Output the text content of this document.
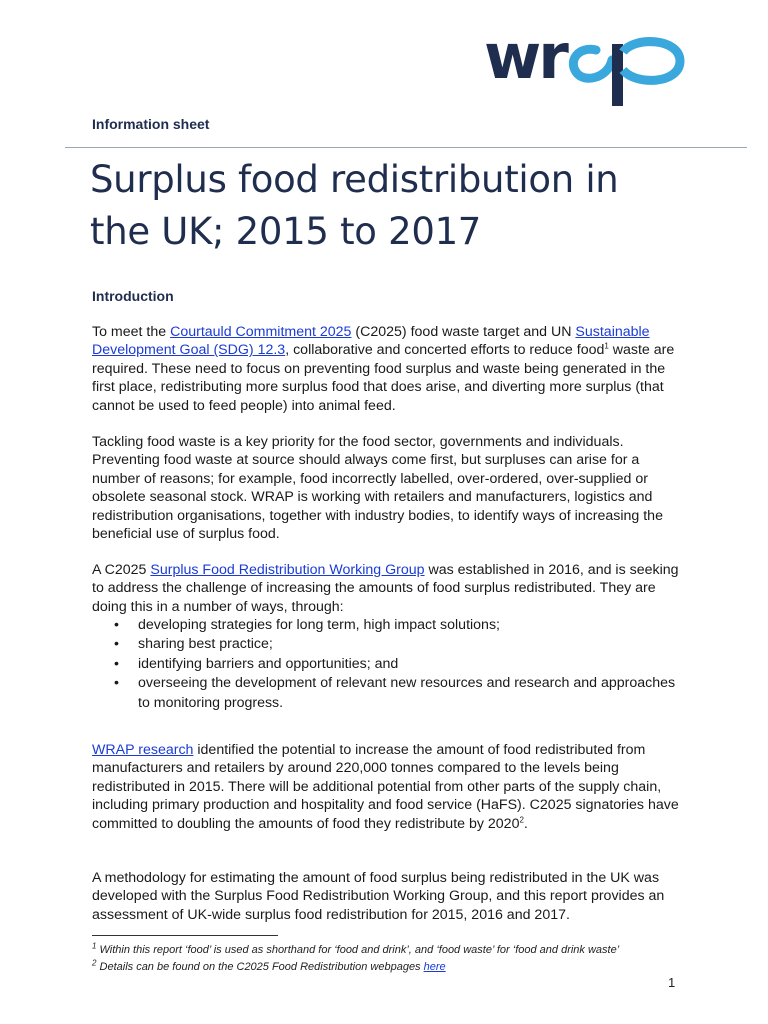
wr
Information sheet
Surplus food redistribution in
the UK; 2015 to 2017
Introduction

To meet the Courtauld Commitment 2025 (C2025) food waste target and UN Sustainable Development Goal (SDG) 12.3, collaborative and concerted efforts to reduce food$^1$ waste are required. These need to focus on preventing food surplus and waste being generated in the first place, redistributing more surplus food that does arise, and diverting more surplus (that cannot be used to feed people) into animal feed.

Tackling food waste is a key priority for the food sector, governments and individuals. Preventing food waste at source should always come first, but surpluses can arise for a number of reasons; for example, food incorrectly labelled, over-ordered, over-supplied or obsolete seasonal stock. WRAP is working with retailers and manufacturers, logistics and redistribution organisations, together with industry bodies, to identify ways of increasing the beneficial use of surplus food.

A C2025 Surplus Food Redistribution Working Group was established in 2016, and is seeking to address the challenge of increasing the amounts of food surplus redistributed. They are doing this in a number of ways, through:

• developing strategies for long term, high impact solutions;
• sharing best practice;
• identifying barriers and opportunities; and
• overseeing the development of relevant new resources and research and approaches to monitoring progress.

WRAP research identified the potential to increase the amount of food redistributed from manufacturers and retailers by around 220,000 tonnes compared to the levels being redistributed in 2015. There will be additional potential from other parts of the supply chain, including primary production and hospitality and food service (HaFS). C2025 signatories have committed to doubling the amounts of food they redistribute by 2020$^2$.

A methodology for estimating the amount of food surplus being redistributed in the UK was developed with the Surplus Food Redistribution Working Group, and this report provides an assessment of UK-wide surplus food redistribution for 2015, 2016 and 2017.

$^1$ Within this report ‘food’ is used as shorthand for ‘food and drink’, and ‘food waste’ for ‘food and drink waste’
$^2$ Details can be found on the C2025 Food Redistribution webpages here
1
